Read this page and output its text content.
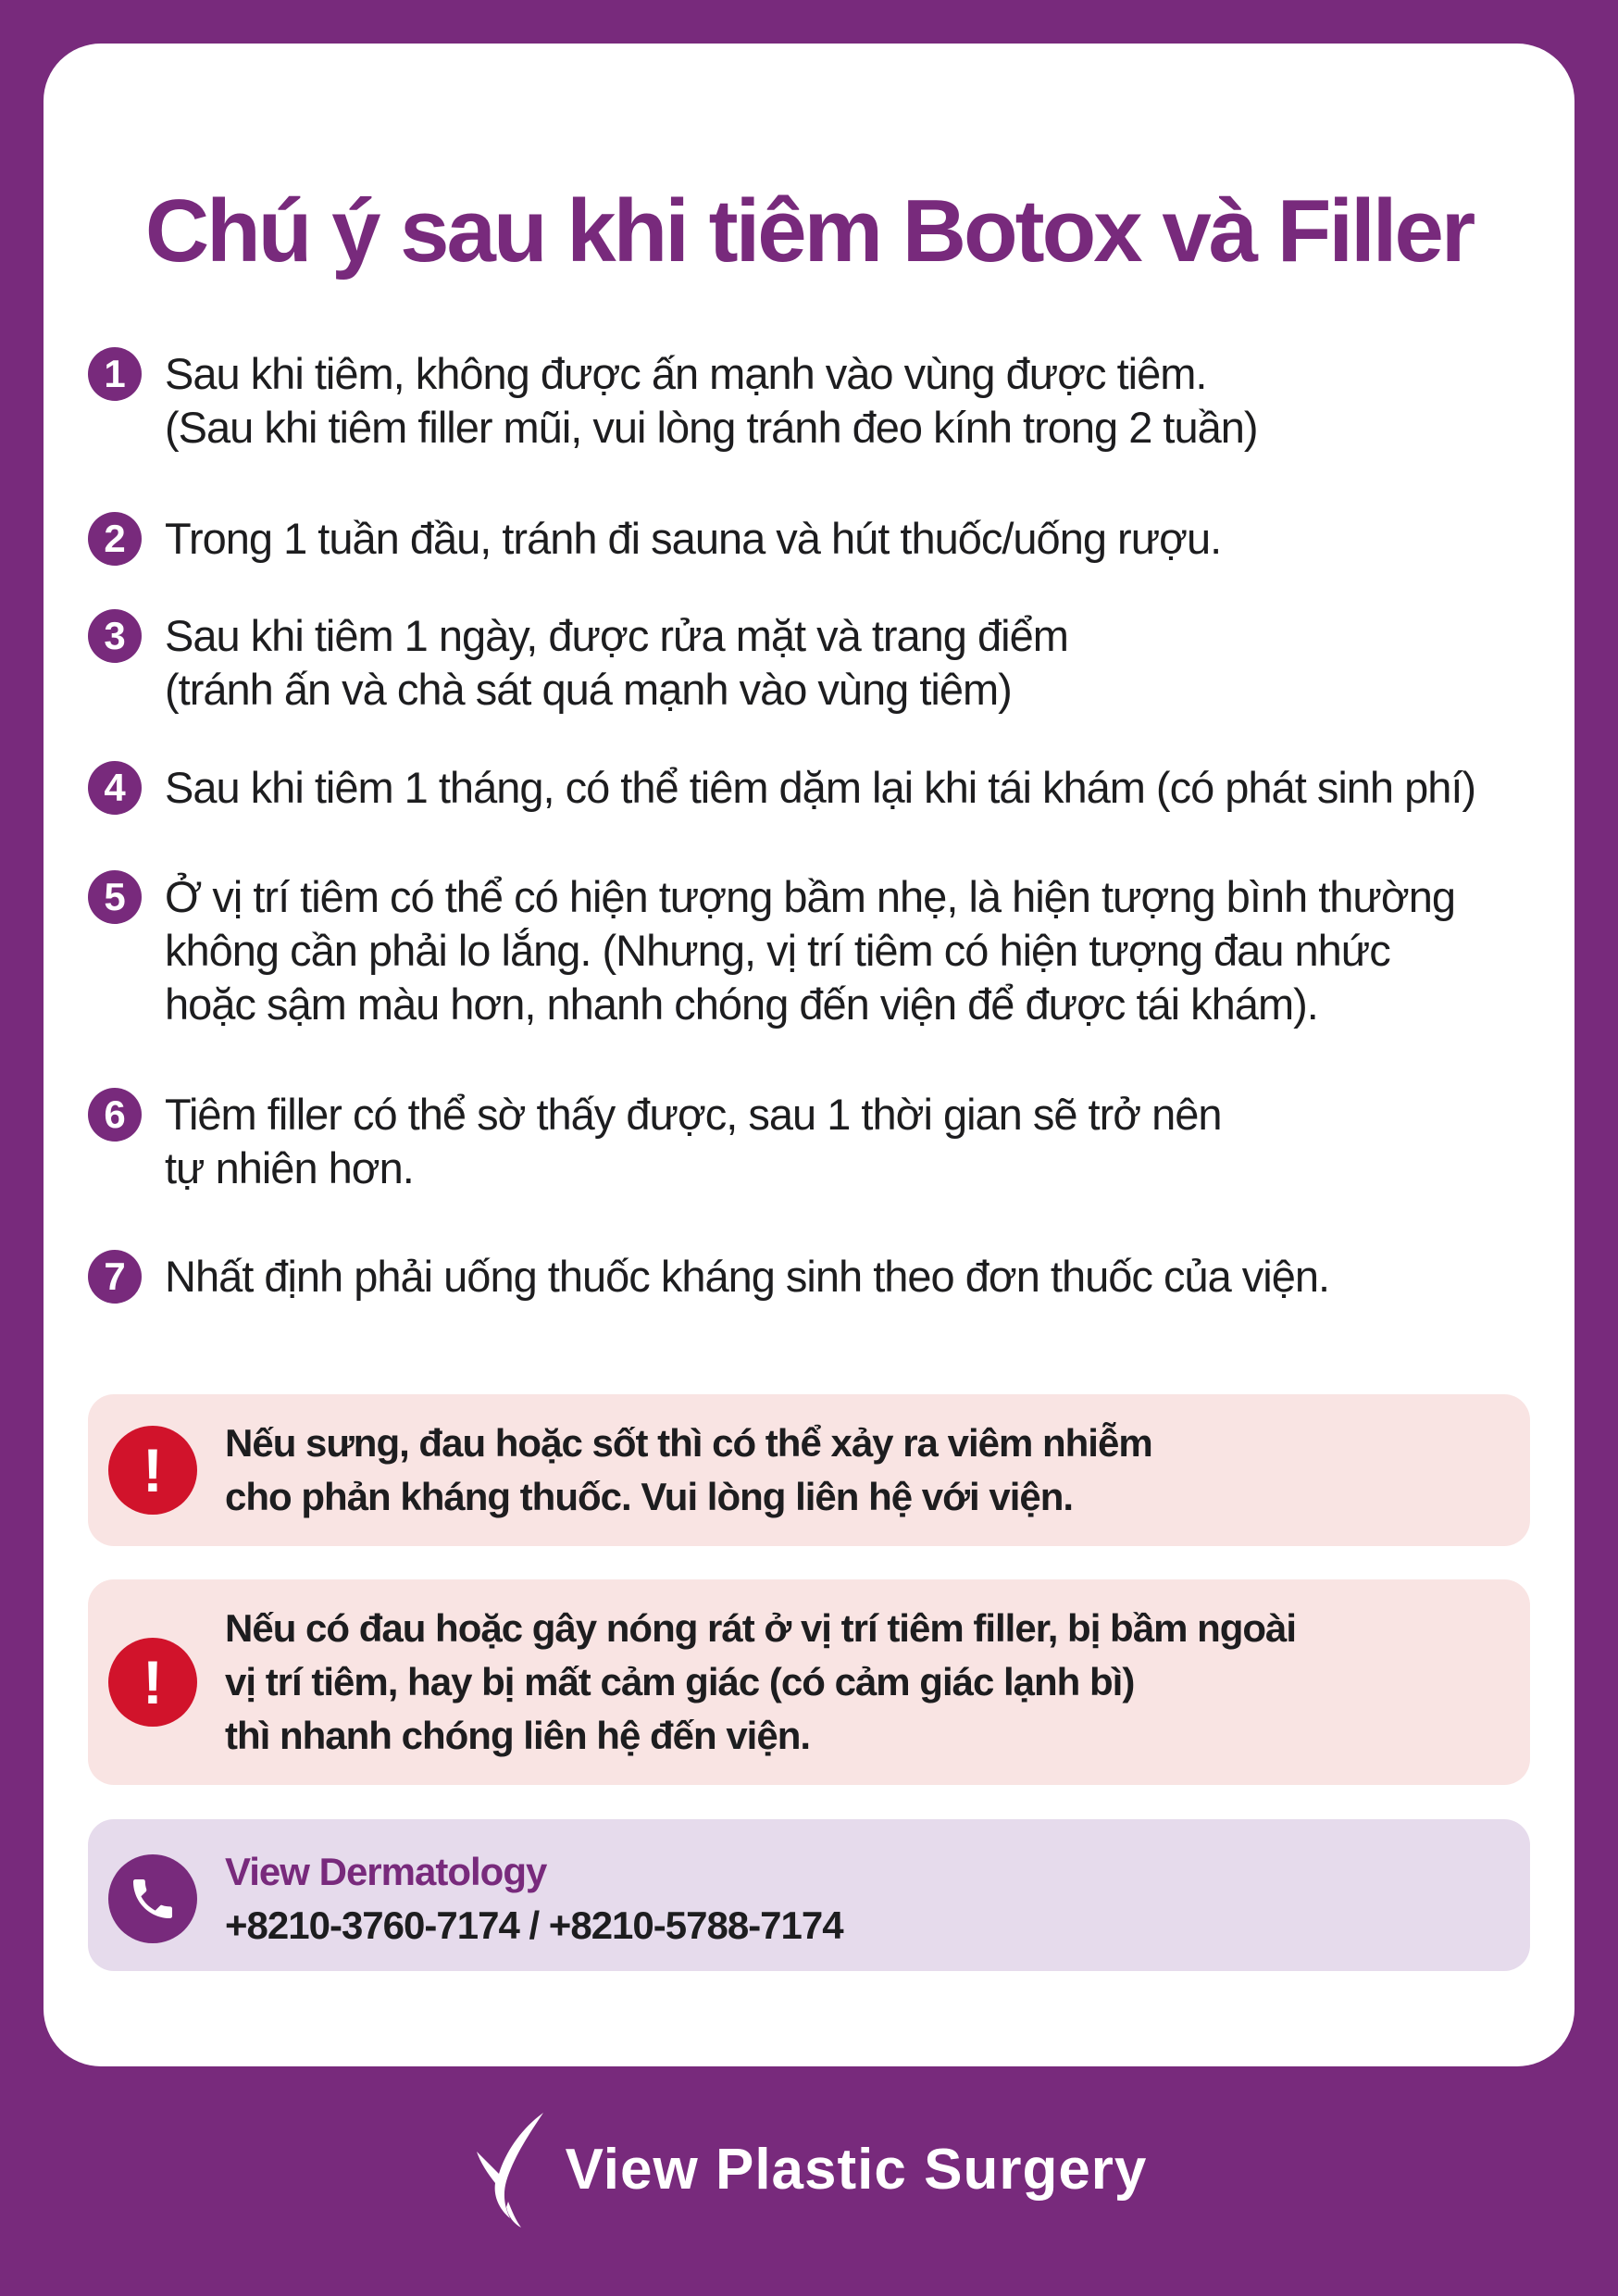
Chú ý sau khi tiêm Botox và Filler
1 Sau khi tiêm, không được ấn mạnh vào vùng được tiêm.
(Sau khi tiêm filler mũi, vui lòng tránh đeo kính trong 2 tuần)
2 Trong 1 tuần đầu, tránh đi sauna và hút thuốc/uống rượu.
3 Sau khi tiêm 1 ngày, được rửa mặt và trang điểm
(tránh ấn và chà sát quá mạnh vào vùng tiêm)
4 Sau khi tiêm 1 tháng, có thể tiêm dặm lại khi tái khám (có phát sinh phí)
5 Ở vị trí tiêm có thể có hiện tượng bầm nhẹ, là hiện tượng bình thường
không cần phải lo lắng. (Nhưng, vị trí tiêm có hiện tượng đau nhức
hoặc sậm màu hơn, nhanh chóng đến viện để được tái khám).
6 Tiêm filler có thể sờ thấy được, sau 1 thời gian sẽ trở nên
tự nhiên hơn.
7 Nhất định phải uống thuốc kháng sinh theo đơn thuốc của viện.
!	Nếu sưng, đau hoặc sốt thì có thể xảy ra viêm nhiễm
cho phản kháng thuốc. Vui lòng liên hệ với viện.
!
Nếu có đau hoặc gây nóng rát ở vị trí tiêm filler, bị bầm ngoài
vị trí tiêm, hay bị mất cảm giác (có cảm giác lạnh bì)
thì nhanh chóng liên hệ đến viện.
View Dermatology
+8210-3760-7174 / +8210-5788-7174
View Plastic Surgery
